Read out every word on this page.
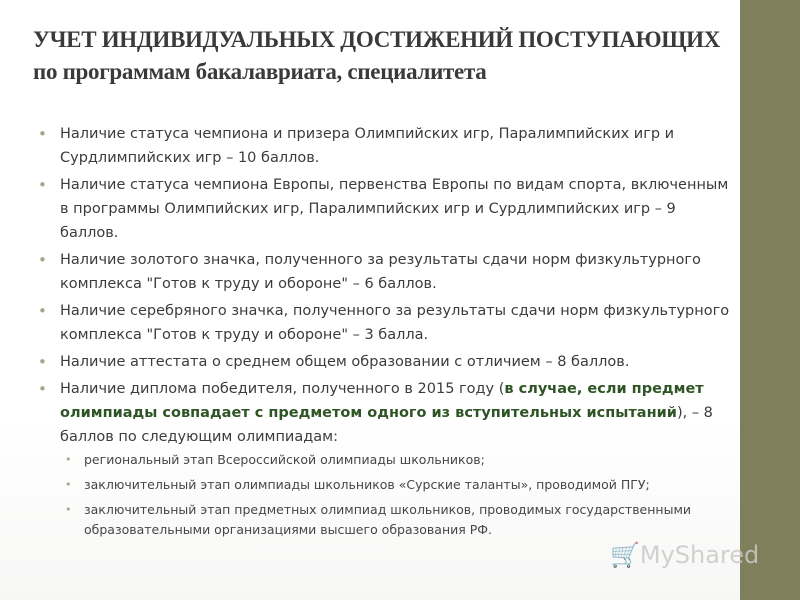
УЧЕТ ИНДИВИДУАЛЬНЫХ ДОСТИЖЕНИЙ ПОСТУПАЮЩИХ
по программам бакалавриата, специалитета
• Наличие статуса чемпиона и призера Олимпийских игр, Паралимпийских игр и Сурдлимпийских игр – 10 баллов.
• Наличие статуса чемпиона Европы, первенства Европы по видам спорта, включенным в программы Олимпийских игр, Паралимпийских игр и Сурдлимпийских игр – 9 баллов.
• Наличие золотого значка, полученного за результаты сдачи норм физкультурного комплекса "Готов к труду и обороне" – 6 баллов.
• Наличие серебряного значка, полученного за результаты сдачи норм физкультурного комплекса "Готов к труду и обороне" – 3 балла.
• Наличие аттестата о среднем общем образовании с отличием – 8 баллов.
• Наличие диплома победителя, полученного в 2015 году (в случае, если предмет олимпиады совпадает с предметом одного из вступительных испытаний), – 8 баллов по следующим олимпиадам:
• региональный этап Всероссийской олимпиады школьников;
• заключительный этап олимпиады школьников «Сурские таланты», проводимой ПГУ;
• заключительный этап предметных олимпиад школьников, проводимых государственными образовательными организациями высшего образования РФ.
🛒MyShared
